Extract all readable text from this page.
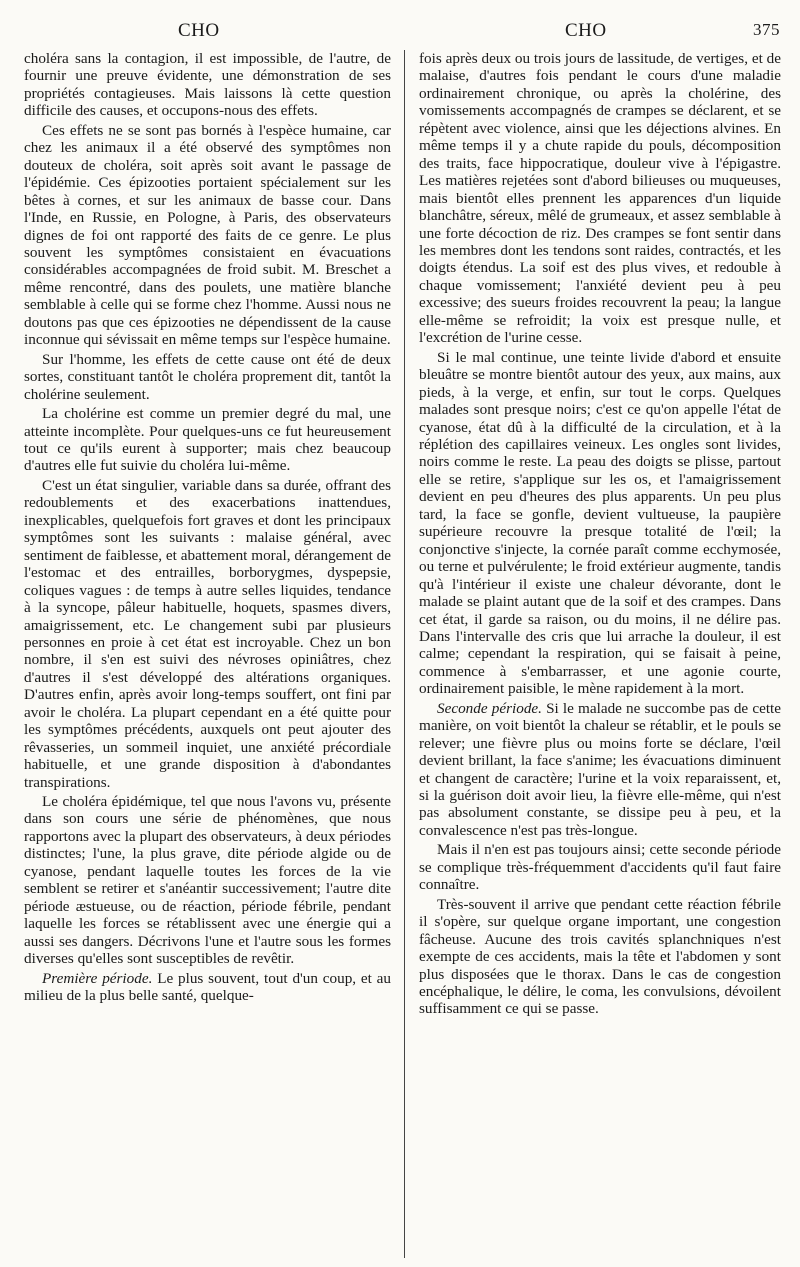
CHO	CHO	375

choléra sans la contagion, il est impossible, de l'autre, de fournir une preuve évidente, une démonstration de ses propriétés contagieuses. Mais laissons là cette question difficile des causes, et occupons-nous des effets.

Ces effets ne se sont pas bornés à l'espèce humaine, car chez les animaux il a été observé des symptômes non douteux de choléra, soit après soit avant le passage de l'épidémie. Ces épizooties portaient spécialement sur les bêtes à cornes, et sur les animaux de basse cour. Dans l'Inde, en Russie, en Pologne, à Paris, des observateurs dignes de foi ont rapporté des faits de ce genre. Le plus souvent les symptômes consistaient en évacuations considérables accompagnées de froid subit. M. Breschet a même rencontré, dans des poulets, une matière blanche semblable à celle qui se forme chez l'homme. Aussi nous ne doutons pas que ces épizooties ne dépendissent de la cause inconnue qui sévissait en même temps sur l'espèce humaine.

Sur l'homme, les effets de cette cause ont été de deux sortes, constituant tantôt le choléra proprement dit, tantôt la cholérine seulement.

La cholérine est comme un premier degré du mal, une atteinte incomplète. Pour quelques-uns ce fut heureusement tout ce qu'ils eurent à supporter; mais chez beaucoup d'autres elle fut suivie du choléra lui-même.

C'est un état singulier, variable dans sa durée, offrant des redoublements et des exacerbations inattendues, inexplicables, quelquefois fort graves et dont les principaux symptômes sont les suivants : malaise général, avec sentiment de faiblesse, et abattement moral, dérangement de l'estomac et des entrailles, borborygmes, dyspepsie, coliques vagues : de temps à autre selles liquides, tendance à la syncope, pâleur habituelle, hoquets, spasmes divers, amaigrissement, etc. Le changement subi par plusieurs personnes en proie à cet état est incroyable. Chez un bon nombre, il s'en est suivi des névroses opiniâtres, chez d'autres il s'est développé des altérations organiques. D'autres enfin, après avoir long-temps souffert, ont fini par avoir le choléra. La plupart cependant en a été quitte pour les symptômes précédents, auxquels ont peut ajouter des rêvasseries, un sommeil inquiet, une anxiété précordiale habituelle, et une grande disposition à d'abondantes transpirations.

Le choléra épidémique, tel que nous l'avons vu, présente dans son cours une série de phénomènes, que nous rapportons avec la plupart des observateurs, à deux périodes distinctes; l'une, la plus grave, dite période algide ou de cyanose, pendant laquelle toutes les forces de la vie semblent se retirer et s'anéantir successivement; l'autre dite période æstueuse, ou de réaction, période fébrile, pendant laquelle les forces se rétablissent avec une énergie qui a aussi ses dangers. Décrivons l'une et l'autre sous les formes diverses qu'elles sont susceptibles de revêtir.

Première période. Le plus souvent, tout d'un coup, et au milieu de la plus belle santé, quelque-

fois après deux ou trois jours de lassitude, de vertiges, et de malaise, d'autres fois pendant le cours d'une maladie ordinairement chronique, ou après la cholérine, des vomissements accompagnés de crampes se déclarent, et se répètent avec violence, ainsi que les déjections alvines. En même temps il y a chute rapide du pouls, décomposition des traits, face hippocratique, douleur vive à l'épigastre. Les matières rejetées sont d'abord bilieuses ou muqueuses, mais bientôt elles prennent les apparences d'un liquide blanchâtre, séreux, mêlé de grumeaux, et assez semblable à une forte décoction de riz. Des crampes se font sentir dans les membres dont les tendons sont raides, contractés, et les doigts étendus. La soif est des plus vives, et redouble à chaque vomissement; l'anxiété devient peu à peu excessive; des sueurs froides recouvrent la peau; la langue elle-même se refroidit; la voix est presque nulle, et l'excrétion de l'urine cesse.

Si le mal continue, une teinte livide d'abord et ensuite bleuâtre se montre bientôt autour des yeux, aux mains, aux pieds, à la verge, et enfin, sur tout le corps. Quelques malades sont presque noirs; c'est ce qu'on appelle l'état de cyanose, état dû à la difficulté de la circulation, et à la réplétion des capillaires veineux. Les ongles sont livides, noirs comme le reste. La peau des doigts se plisse, partout elle se retire, s'applique sur les os, et l'amaigrissement devient en peu d'heures des plus apparents. Un peu plus tard, la face se gonfle, devient vultueuse, la paupière supérieure recouvre la presque totalité de l'œil; la conjonctive s'injecte, la cornée paraît comme ecchymosée, ou terne et pulvérulente; le froid extérieur augmente, tandis qu'à l'intérieur il existe une chaleur dévorante, dont le malade se plaint autant que de la soif et des crampes. Dans cet état, il garde sa raison, ou du moins, il ne délire pas. Dans l'intervalle des cris que lui arrache la douleur, il est calme; cependant la respiration, qui se faisait à peine, commence à s'embarrasser, et une agonie courte, ordinairement paisible, le mène rapidement à la mort.

Seconde période. Si le malade ne succombe pas de cette manière, on voit bientôt la chaleur se rétablir, et le pouls se relever; une fièvre plus ou moins forte se déclare, l'œil devient brillant, la face s'anime; les évacuations diminuent et changent de caractère; l'urine et la voix reparaissent, et, si la guérison doit avoir lieu, la fièvre elle-même, qui n'est pas absolument constante, se dissipe peu à peu, et la convalescence n'est pas très-longue.

Mais il n'en est pas toujours ainsi; cette seconde période se complique très-fréquemment d'accidents qu'il faut faire connaître.

Très-souvent il arrive que pendant cette réaction fébrile il s'opère, sur quelque organe important, une congestion fâcheuse. Aucune des trois cavités splanchniques n'est exempte de ces accidents, mais la tête et l'abdomen y sont plus disposées que le thorax. Dans le cas de congestion encéphalique, le délire, le coma, les convulsions, dévoilent suffisamment ce qui se passe.
